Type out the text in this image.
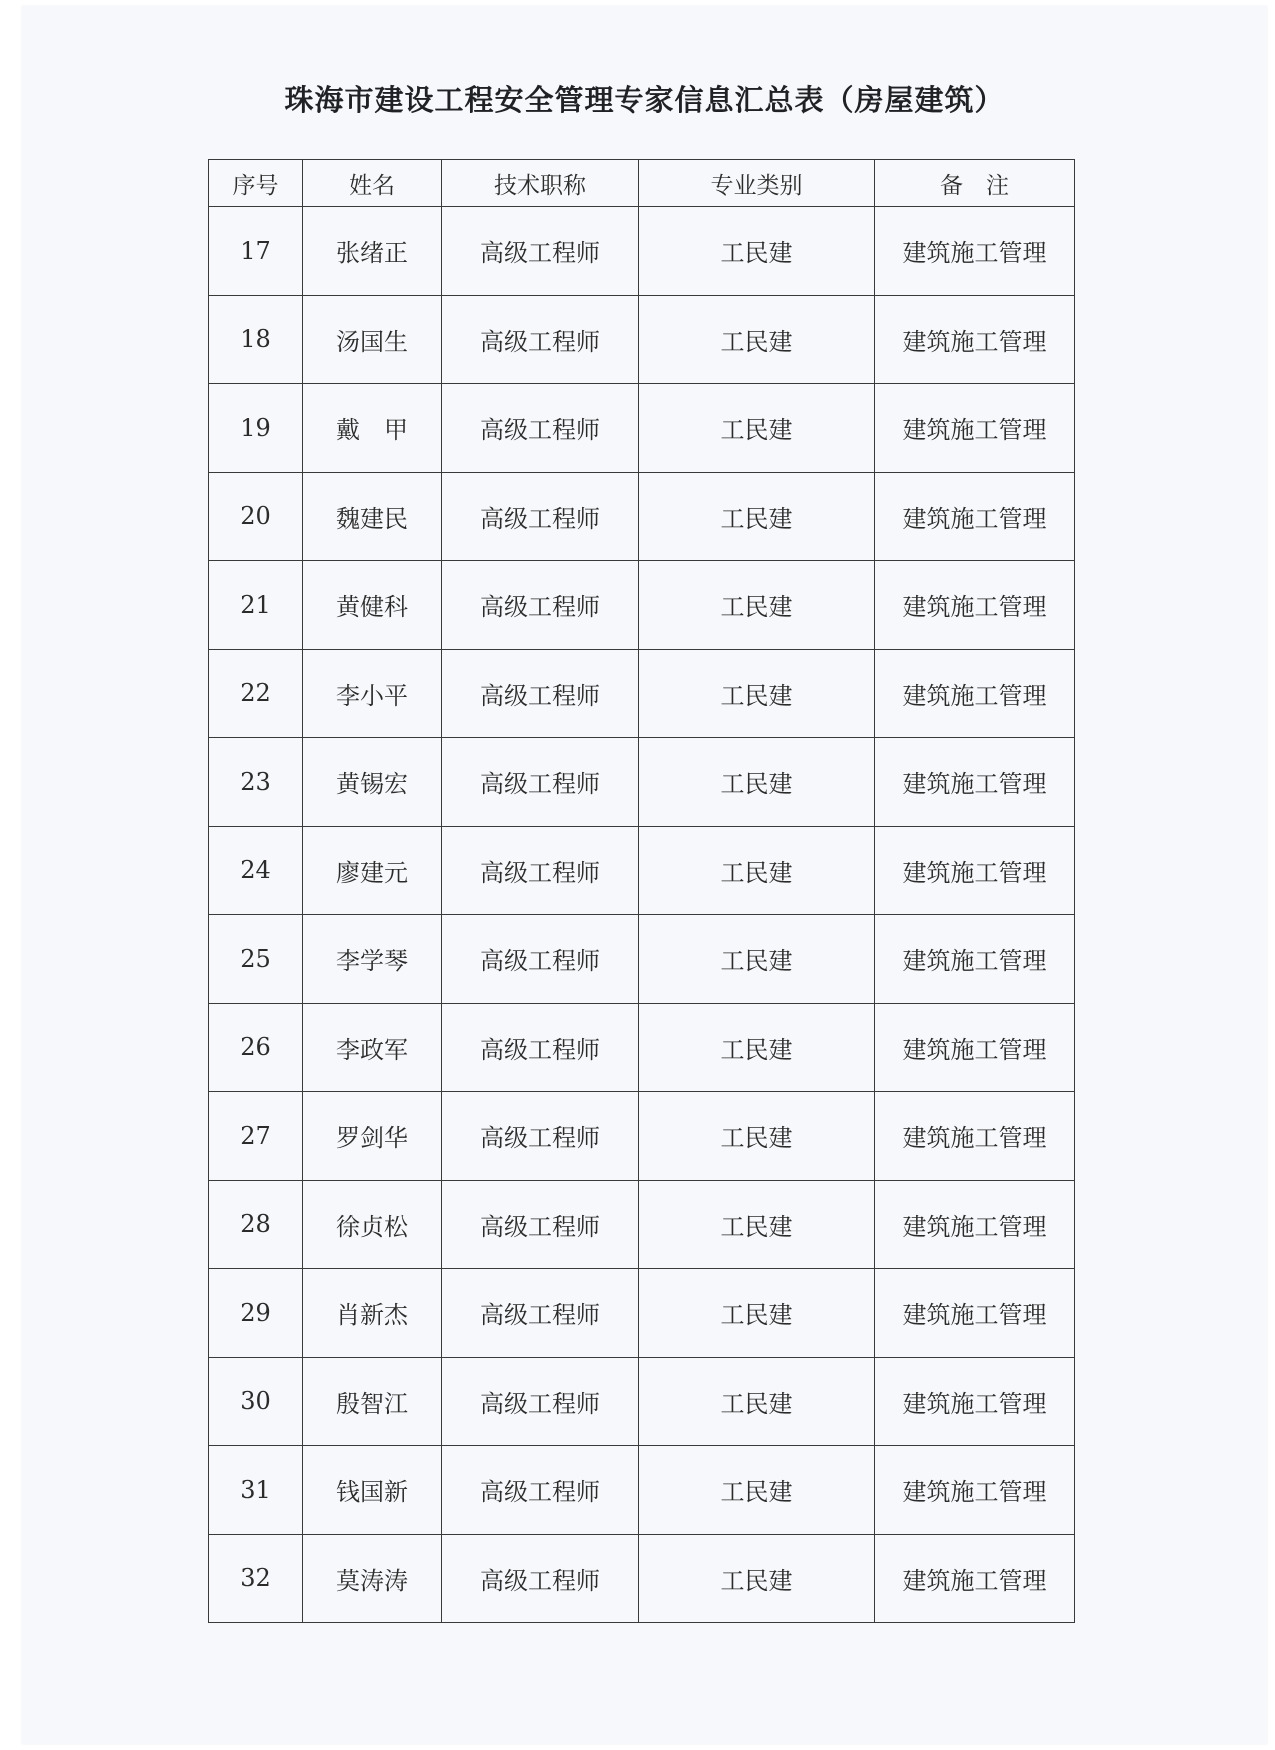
珠海市建设工程安全管理专家信息汇总表（房屋建筑）
序号	姓名	技术职称	专业类别	备　注
17	张绪正	高级工程师	工民建	建筑施工管理
18	汤国生	高级工程师	工民建	建筑施工管理
19	戴　甲	高级工程师	工民建	建筑施工管理
20	魏建民	高级工程师	工民建	建筑施工管理
21	黄健科	高级工程师	工民建	建筑施工管理
22	李小平	高级工程师	工民建	建筑施工管理
23	黄锡宏	高级工程师	工民建	建筑施工管理
24	廖建元	高级工程师	工民建	建筑施工管理
25	李学琴	高级工程师	工民建	建筑施工管理
26	李政军	高级工程师	工民建	建筑施工管理
27	罗剑华	高级工程师	工民建	建筑施工管理
28	徐贞松	高级工程师	工民建	建筑施工管理
29	肖新杰	高级工程师	工民建	建筑施工管理
30	殷智江	高级工程师	工民建	建筑施工管理
31	钱国新	高级工程师	工民建	建筑施工管理
32	莫涛涛	高级工程师	工民建	建筑施工管理
